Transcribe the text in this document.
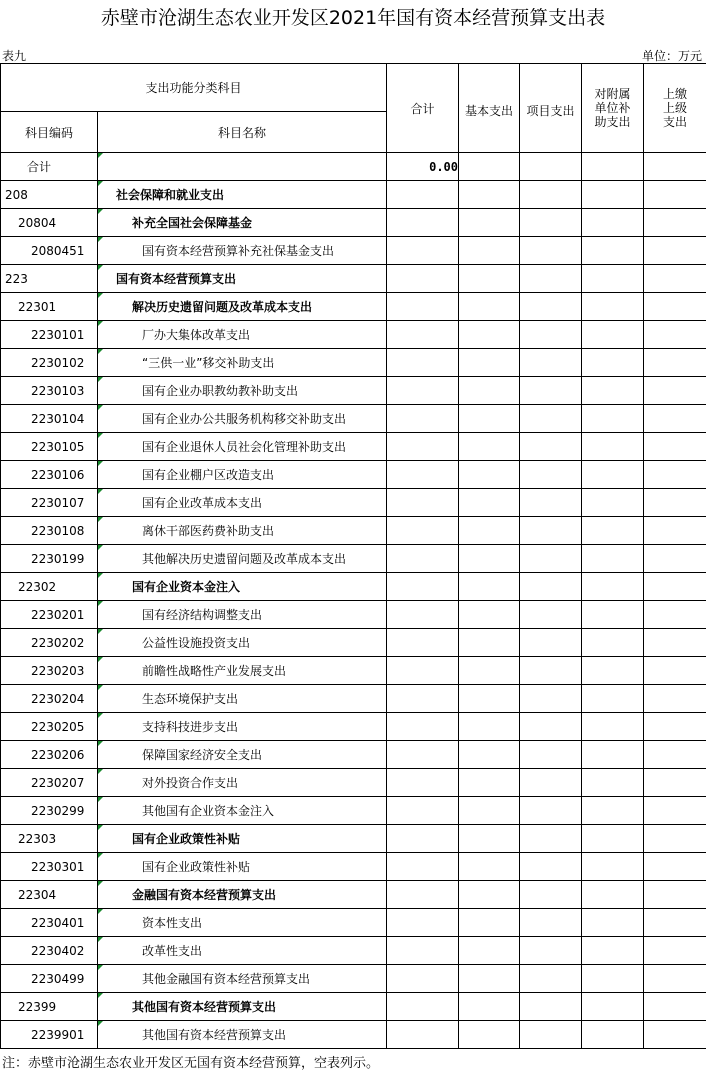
赤壁市沧湖生态农业开发区2021年国有资本经营预算支出表
表九	单位：万元
支出功能分类科目		合计	基本支出	项目支出	对附属单位补助支出	上缴上级支出
科目编码	科目名称					
合计		0.00				
208	社会保障和就业支出					
20804	补充全国社会保障基金					
2080451	国有资本经营预算补充社保基金支出					
223	国有资本经营预算支出					
22301	解决历史遗留问题及改革成本支出					
2230101	厂办大集体改革支出					
2230102	“三供一业”移交补助支出					
2230103	国有企业办职教幼教补助支出					
2230104	国有企业办公共服务机构移交补助支出					
2230105	国有企业退休人员社会化管理补助支出					
2230106	国有企业棚户区改造支出					
2230107	国有企业改革成本支出					
2230108	离休干部医药费补助支出					
2230199	其他解决历史遗留问题及改革成本支出					
22302	国有企业资本金注入					
2230201	国有经济结构调整支出					
2230202	公益性设施投资支出					
2230203	前瞻性战略性产业发展支出					
2230204	生态环境保护支出					
2230205	支持科技进步支出					
2230206	保障国家经济安全支出					
2230207	对外投资合作支出					
2230299	其他国有企业资本金注入					
22303	国有企业政策性补贴					
2230301	国有企业政策性补贴					
22304	金融国有资本经营预算支出					
2230401	资本性支出					
2230402	改革性支出					
2230499	其他金融国有资本经营预算支出					
22399	其他国有资本经营预算支出					
2239901	其他国有资本经营预算支出					
注：赤壁市沧湖生态农业开发区无国有资本经营预算，空表列示。
